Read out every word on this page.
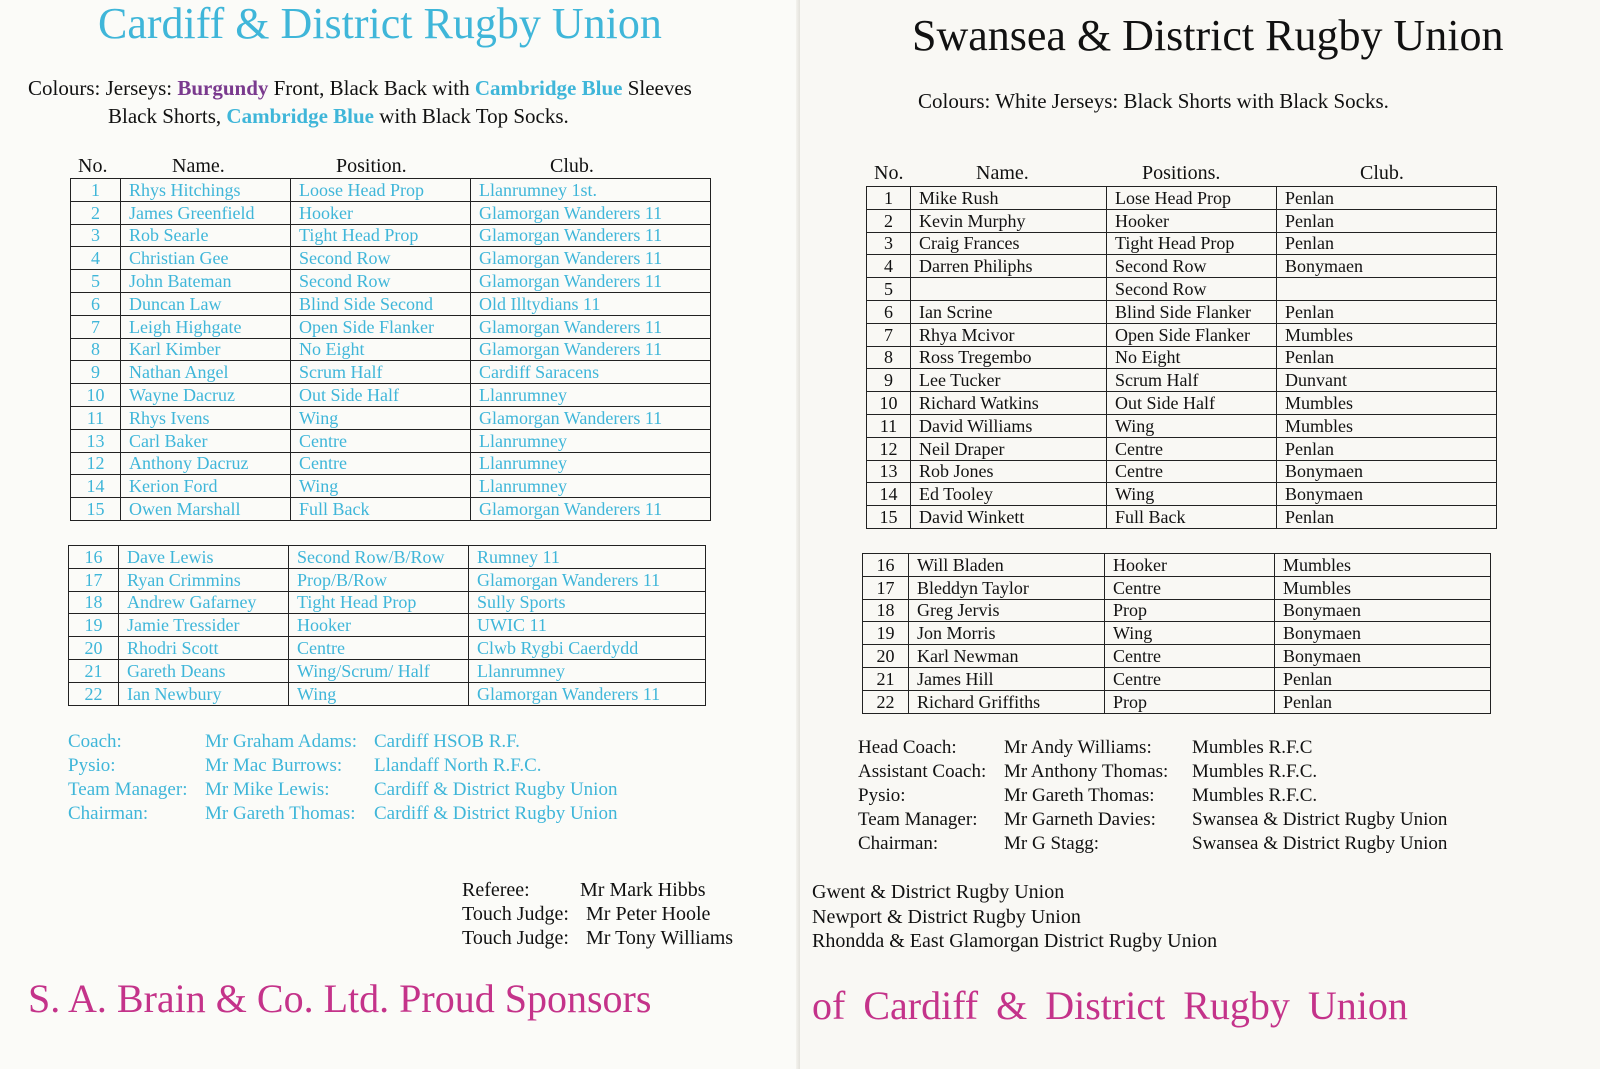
Cardiff & District Rugby Union
Colours: Jerseys: Burgundy Front, Black Back with Cambridge Blue Sleeves
Black Shorts, Cambridge Blue with Black Top Socks.
No.	Name.	Position.	Club.
1	Rhys Hitchings	Loose Head Prop	Llanrumney 1st.
2	James Greenfield	Hooker	Glamorgan Wanderers 11
3	Rob Searle	Tight Head Prop	Glamorgan Wanderers 11
4	Christian Gee	Second Row	Glamorgan Wanderers 11
5	John Bateman	Second Row	Glamorgan Wanderers 11
6	Duncan Law	Blind Side Second	Old Illtydians 11
7	Leigh Highgate	Open Side Flanker	Glamorgan Wanderers 11
8	Karl Kimber	No Eight	Glamorgan Wanderers 11
9	Nathan Angel	Scrum Half	Cardiff Saracens
10	Wayne Dacruz	Out Side Half	Llanrumney
11	Rhys Ivens	Wing	Glamorgan Wanderers 11
13	Carl Baker	Centre	Llanrumney
12	Anthony Dacruz	Centre	Llanrumney
14	Kerion Ford	Wing	Llanrumney
15	Owen Marshall	Full Back	Glamorgan Wanderers 11
16	Dave Lewis	Second Row/B/Row	Rumney 11
17	Ryan Crimmins	Prop/B/Row	Glamorgan Wanderers 11
18	Andrew Gafarney	Tight Head Prop	Sully Sports
19	Jamie Tressider	Hooker	UWIC 11
20	Rhodri Scott	Centre	Clwb Rygbi Caerdydd
21	Gareth Deans	Wing/Scrum/ Half	Llanrumney
22	Ian Newbury	Wing	Glamorgan Wanderers 11
Coach:	Mr Graham Adams: Cardiff HSOB R.F.
Pysio:	Mr Mac Burrows: Llandaff North R.F.C.
Team Manager: Mr Mike Lewis: Cardiff & District Rugby Union
Chairman:	Mr Gareth Thomas: Cardiff & District Rugby Union
Referee:	Mr Mark Hibbs
Touch Judge: Mr Peter Hoole
Touch Judge: Mr Tony Williams
S. A. Brain & Co. Ltd. Proud Sponsors
Swansea & District Rugby Union
Colours: White Jerseys: Black Shorts with Black Socks.
No.	Name.	Positions.	Club.
1	Mike Rush	Lose Head Prop	Penlan
2	Kevin Murphy	Hooker	Penlan
3	Craig Frances	Tight Head Prop	Penlan
4	Darren Philiphs	Second Row	Bonymaen
5		Second Row	
6	Ian Scrine	Blind Side Flanker	Penlan
7	Rhya Mcivor	Open Side Flanker	Mumbles
8	Ross Tregembo	No Eight	Penlan
9	Lee Tucker	Scrum Half	Dunvant
10	Richard Watkins	Out Side Half	Mumbles
11	David Williams	Wing	Mumbles
12	Neil Draper	Centre	Penlan
13	Rob Jones	Centre	Bonymaen
14	Ed Tooley	Wing	Bonymaen
15	David Winkett	Full Back	Penlan
16	Will Bladen	Hooker	Mumbles
17	Bleddyn Taylor	Centre	Mumbles
18	Greg Jervis	Prop	Bonymaen
19	Jon Morris	Wing	Bonymaen
20	Karl Newman	Centre	Bonymaen
21	James Hill	Centre	Penlan
22	Richard Griffiths	Prop	Penlan
Head Coach: Mr Andy Williams: Mumbles R.F.C
Assistant Coach: Mr Anthony Thomas: Mumbles R.F.C.
Pysio:	Mr Gareth Thomas: Mumbles R.F.C.
Team Manager: Mr Garneth Davies: Swansea & District Rugby Union
Chairman:	Mr G Stagg:	Swansea & District Rugby Union
Gwent & District Rugby Union
Newport & District Rugby Union
Rhondda & East Glamorgan District Rugby Union
of Cardiff & District Rugby Union
